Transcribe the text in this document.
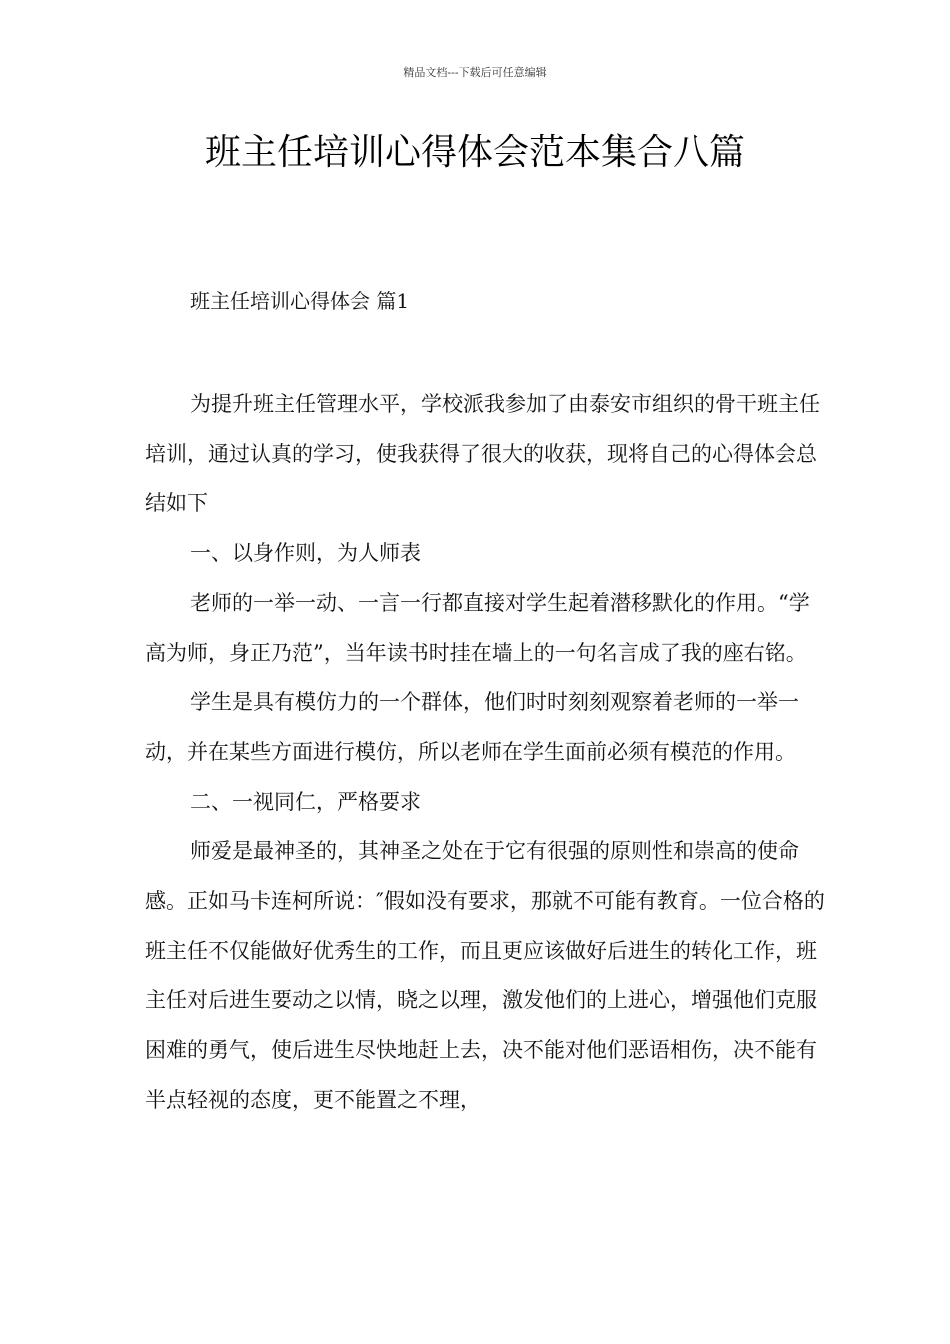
精品文档---下载后可任意编辑
班主任培训心得体会范本集合八篇
班主任培训心得体会 篇1

为提升班主任管理水平，学校派我参加了由泰安市组织的骨干班主任培训，通过认真的学习，使我获得了很大的收获，现将自己的心得体会总结如下

一、以身作则，为人师表

老师的一举一动、一言一行都直接对学生起着潜移默化的作用。“学高为师，身正乃范”，当年读书时挂在墙上的一句名言成了我的座右铭。

学生是具有模仿力的一个群体，他们时时刻刻观察着老师的一举一动，并在某些方面进行模仿，所以老师在学生面前必须有模范的作用。

二、一视同仁，严格要求

师爱是最神圣的，其神圣之处在于它有很强的原则性和崇高的使命感。正如马卡连柯所说：″假如没有要求，那就不可能有教育。一位合格的班主任不仅能做好优秀生的工作，而且更应该做好后进生的转化工作，班主任对后进生要动之以情，晓之以理，激发他们的上进心，增强他们克服困难的勇气，使后进生尽快地赶上去，决不能对他们恶语相伤，决不能有半点轻视的态度，更不能置之不理，
